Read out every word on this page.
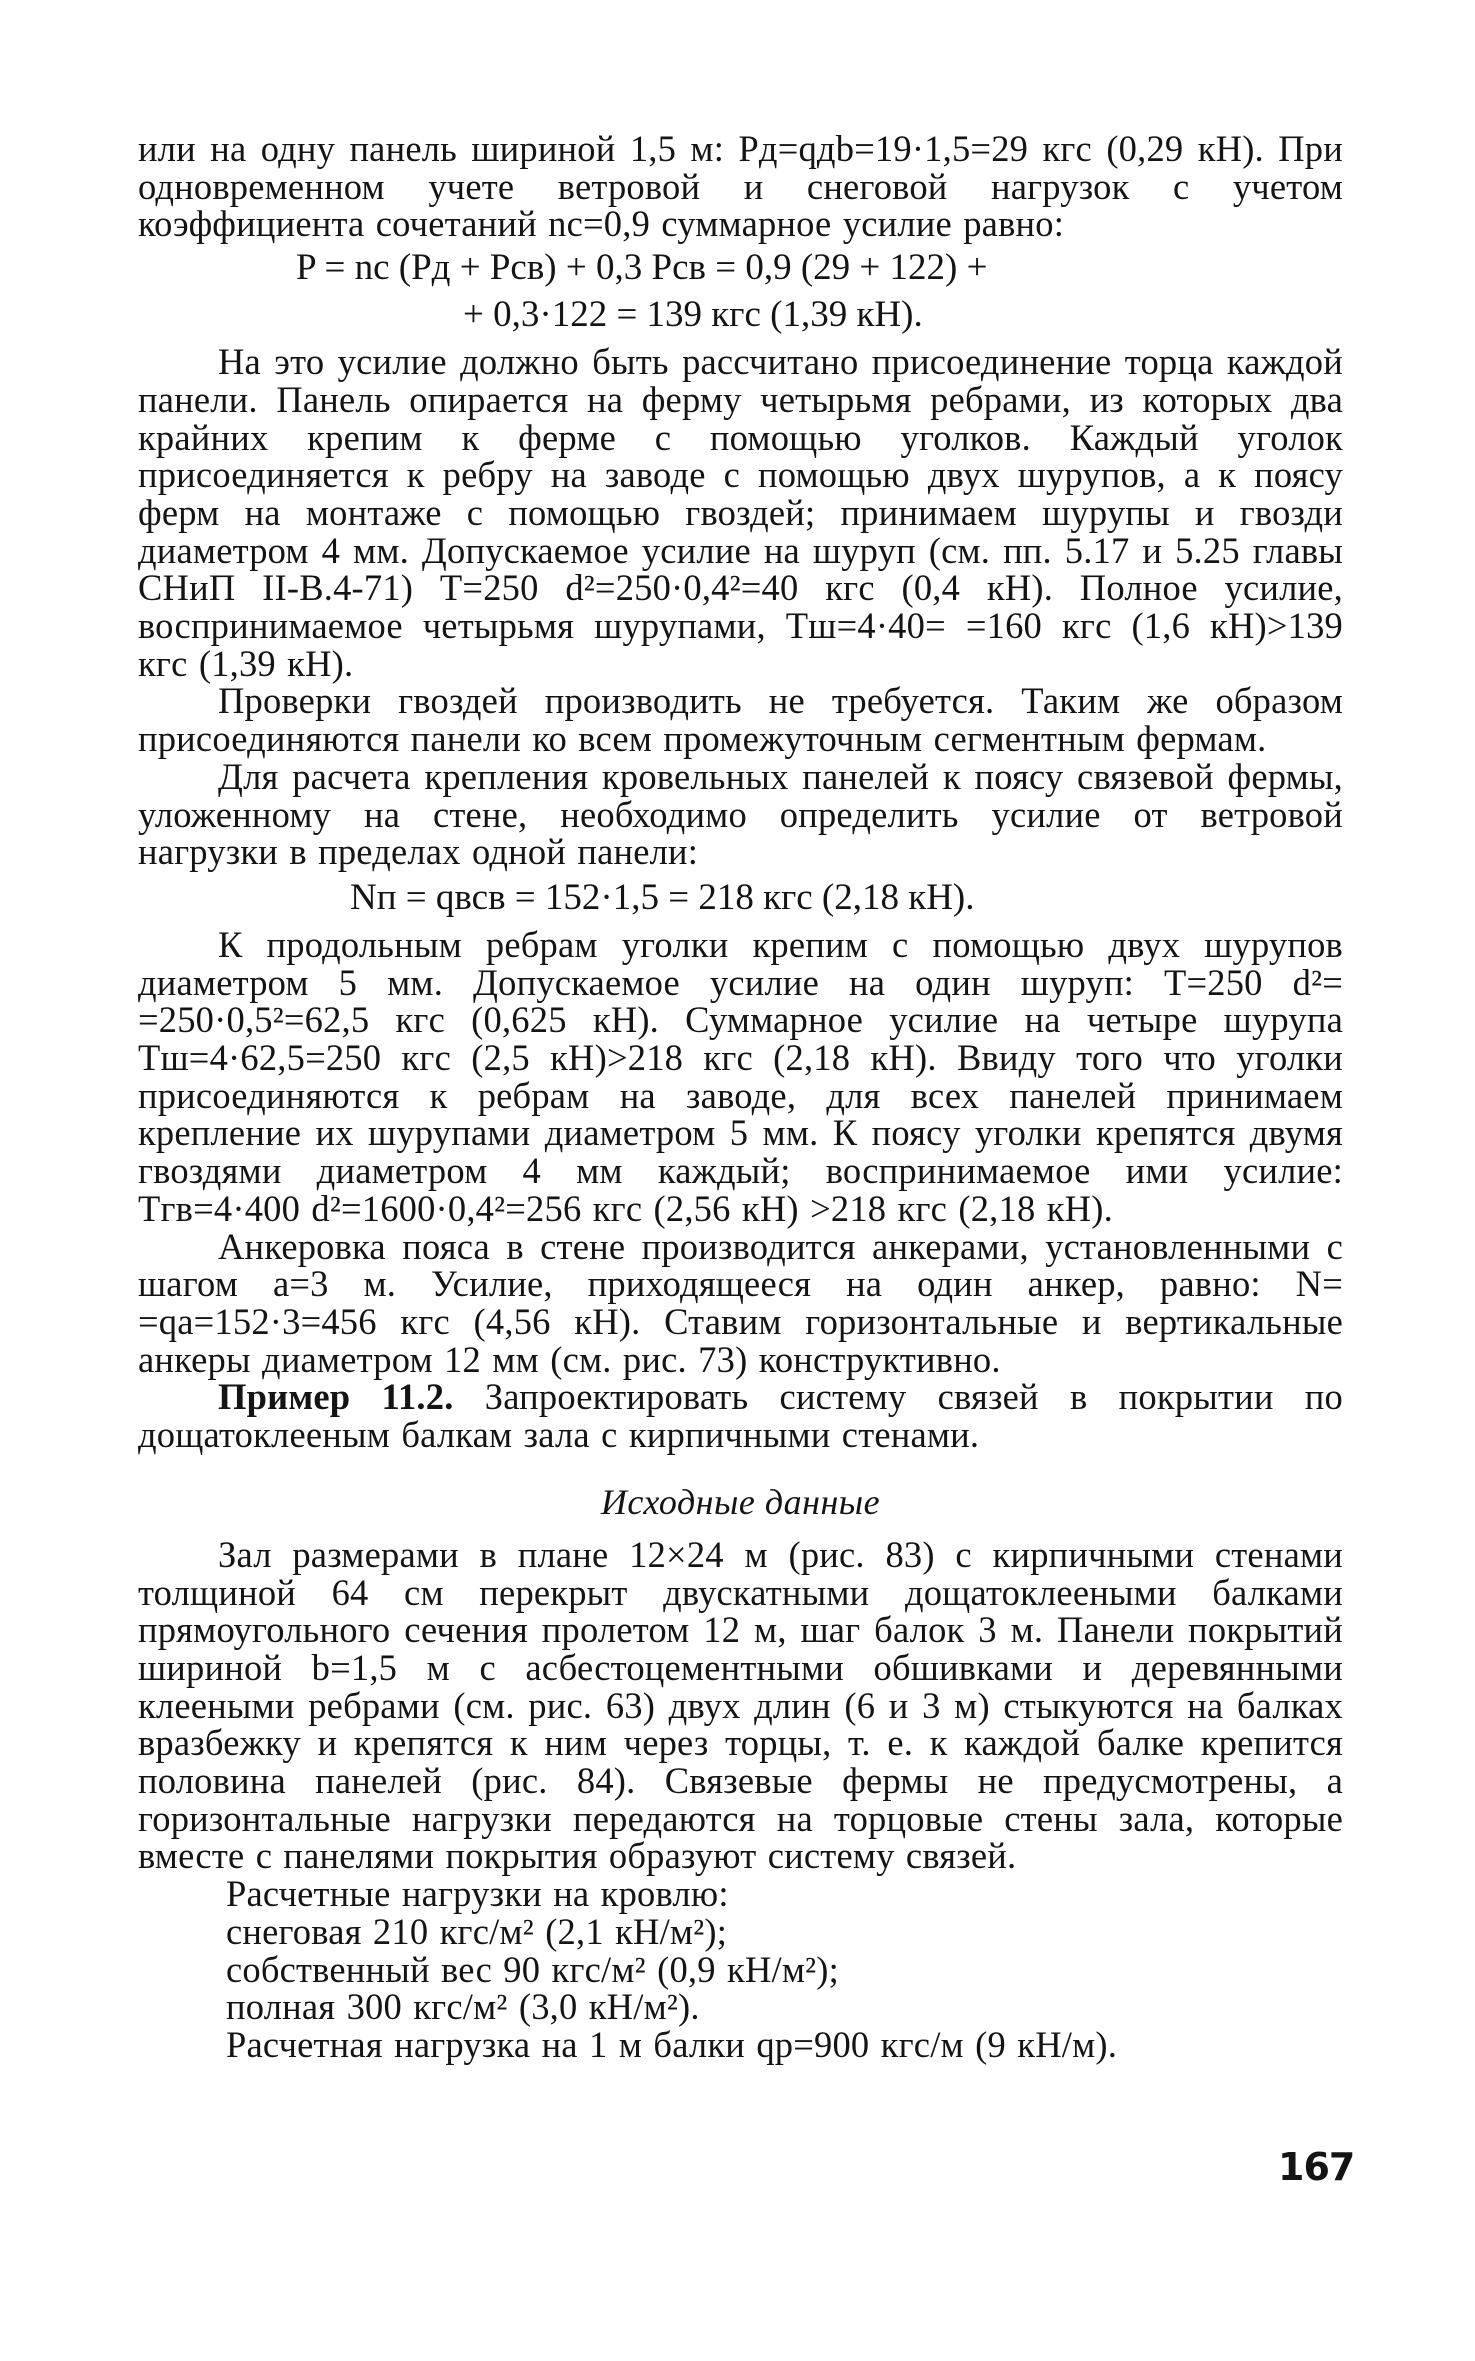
или на одну панель шириной 1,5 м: Pд=qдb=19·1,5=29 кгс (0,29 кН). При одновременном учете ветровой и снеговой нагрузок с учетом коэффициента сочетаний nс=0,9 суммарное усилие равно:

P = nс (Pд + Pсв) + 0,3 Pсв = 0,9 (29 + 122) +
+ 0,3·122 = 139 кгс (1,39 кН).

На это усилие должно быть рассчитано присоединение торца каждой панели. Панель опирается на ферму четырьмя ребрами, из которых два крайних крепим к ферме с помощью уголков. Каждый уголок присоединяется к ребру на заводе с помощью двух шурупов, а к поясу ферм на монтаже с помощью гвоздей; принимаем шурупы и гвозди диаметром 4 мм. Допускаемое усилие на шуруп (см. пп. 5.17 и 5.25 главы СНиП II-В.4-71) T=250 d²=250·0,4²=40 кгс (0,4 кН). Полное усилие, воспринимаемое четырьмя шурупами, Tш=4·40= =160 кгс (1,6 кН)>139 кгс (1,39 кН).

Проверки гвоздей производить не требуется. Таким же образом присоединяются панели ко всем промежуточным сегментным фермам.

Для расчета крепления кровельных панелей к поясу связевой фермы, уложенному на стене, необходимо определить усилие от ветровой нагрузки в пределах одной панели:

Nп = qвсв = 152·1,5 = 218 кгс (2,18 кН).

К продольным ребрам уголки крепим с помощью двух шурупов диаметром 5 мм. Допускаемое усилие на один шуруп: T=250 d²= =250·0,5²=62,5 кгс (0,625 кН). Суммарное усилие на четыре шурупа Tш=4·62,5=250 кгс (2,5 кН)>218 кгс (2,18 кН). Ввиду того что уголки присоединяются к ребрам на заводе, для всех панелей принимаем крепление их шурупами диаметром 5 мм. К поясу уголки крепятся двумя гвоздями диаметром 4 мм каждый; воспринимаемое ими усилие: Tгв=4·400 d²=1600·0,4²=256 кгс (2,56 кН) >218 кгс (2,18 кН).

Анкеровка пояса в стене производится анкерами, установленными с шагом a=3 м. Усилие, приходящееся на один анкер, равно: N= =qa=152·3=456 кгс (4,56 кН). Ставим горизонтальные и вертикальные анкеры диаметром 12 мм (см. рис. 73) конструктивно.

Пример 11.2. Запроектировать систему связей в покрытии по дощатоклееным балкам зала с кирпичными стенами.

Исходные данные

Зал размерами в плане 12×24 м (рис. 83) с кирпичными стенами толщиной 64 см перекрыт двускатными дощатоклееными балками прямоугольного сечения пролетом 12 м, шаг балок 3 м. Панели покрытий шириной b=1,5 м с асбестоцементными обшивками и деревянными клееными ребрами (см. рис. 63) двух длин (6 и 3 м) стыкуются на балках вразбежку и крепятся к ним через торцы, т. е. к каждой балке крепится половина панелей (рис. 84). Связевые фермы не предусмотрены, а горизонтальные нагрузки передаются на торцовые стены зала, которые вместе с панелями покрытия образуют систему связей.

Расчетные нагрузки на кровлю:

снеговая 210 кгс/м² (2,1 кН/м²);

собственный вес 90 кгс/м² (0,9 кН/м²);

полная 300 кгс/м² (3,0 кН/м²).

Расчетная нагрузка на 1 м балки qр=900 кгс/м (9 кН/м).

167
